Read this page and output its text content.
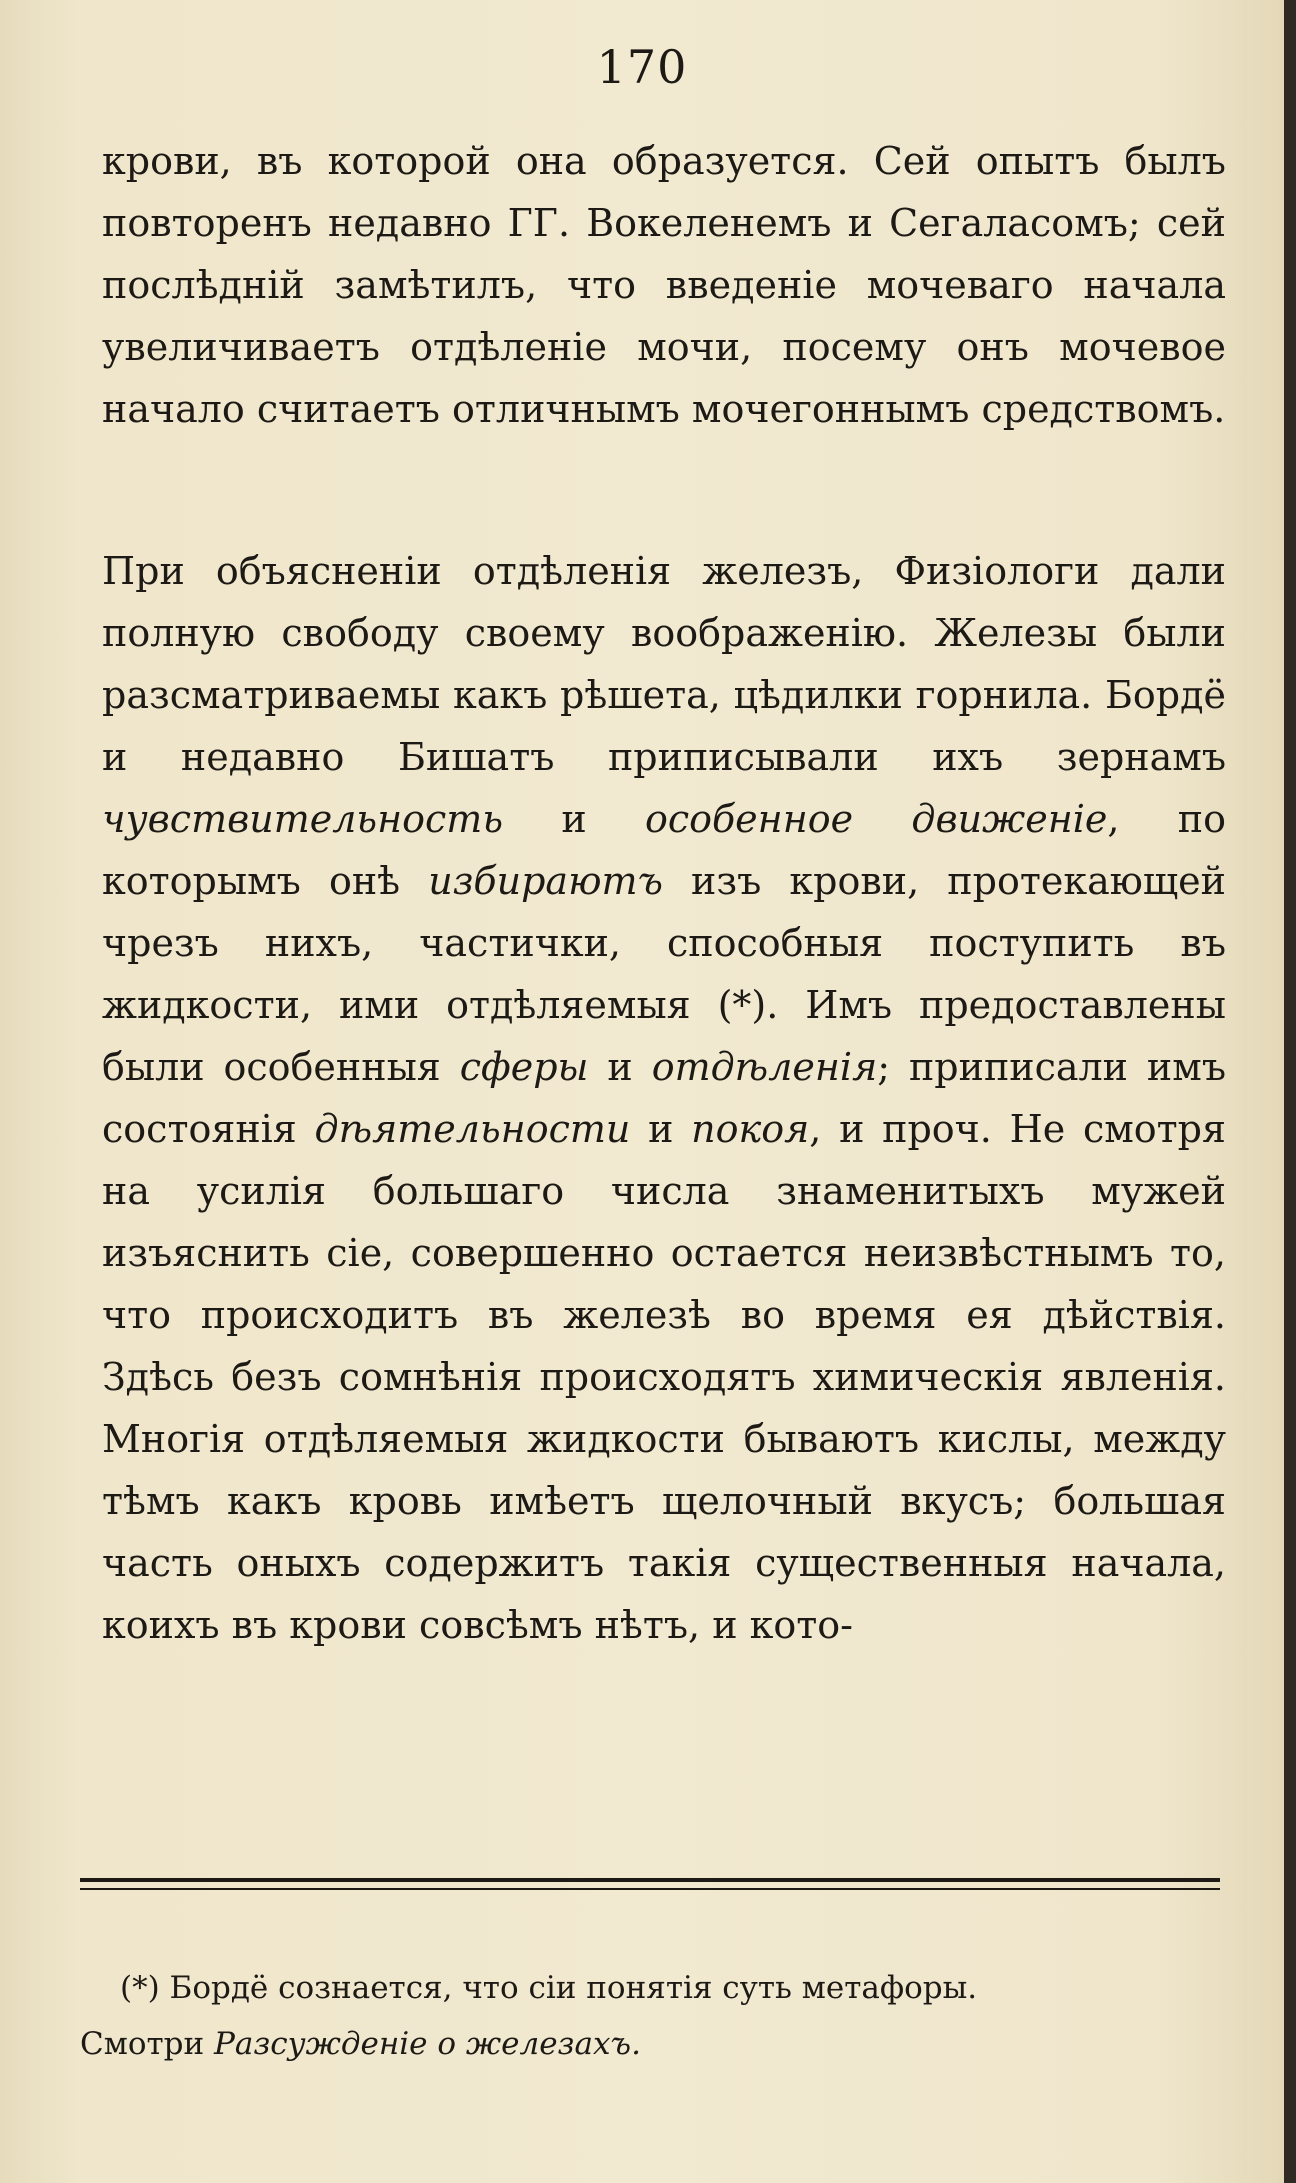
170

крови, въ которой она образуется. Сей опытъ былъ повторенъ недавно ГГ. Вокеленемъ и Сегаласомъ; сей послѣдній замѣтилъ, что введеніе мочеваго начала увеличиваетъ отдѣленіе мочи, посему онъ мочевое начало считаетъ отличнымъ мочегоннымъ средствомъ.

При объясненіи отдѣленія железъ, Физіологи дали полную свободу своему воображенію. Железы были разсматриваемы какъ рѣшета, цѣдилки горнила. Бордё и недавно Бишатъ приписывали ихъ зернамъ чувствительность и особенное движеніе, по которымъ онѣ избираютъ изъ крови, протекающей чрезъ нихъ, частички, способныя поступить въ жидкости, ими отдѣляемыя (*). Имъ предоставлены были особенныя сферы и отдѣленія; приписали имъ состоянія дѣятельности и покоя, и проч. Не смотря на усилія большаго числа знаменитыхъ мужей изъяснить сіе, совершенно остается неизвѣстнымъ то, что происходитъ въ железѣ во время ея дѣйствія. Здѣсь безъ сомнѣнія происходятъ химическія явленія. Многія отдѣляемыя жидкости бываютъ кислы, между тѣмъ какъ кровь имѣетъ щелочный вкусъ; большая часть оныхъ содержитъ такія существенныя начала, коихъ въ крови совсѣмъ нѣтъ, и кото-

(*) Бордё сознается, что сіи понятія суть метафоры.
Смотри Разсужденіе о железахъ.
